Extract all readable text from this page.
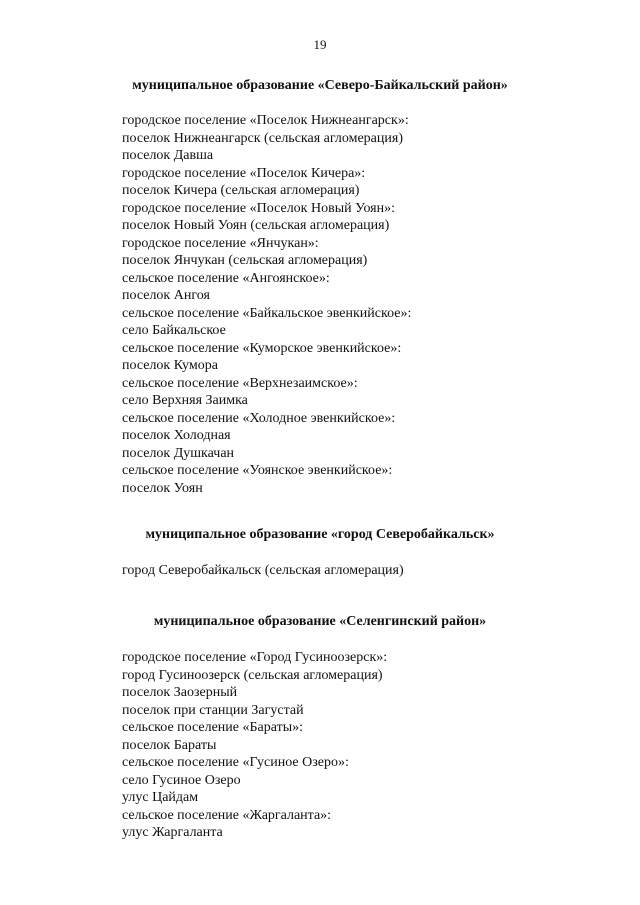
19
муниципальное образование «Северо-Байкальский район»
городское поселение «Поселок Нижнеангарск»:
поселок Нижнеангарск (сельская агломерация)
поселок Давша
городское поселение «Поселок Кичера»:
поселок Кичера (сельская агломерация)
городское поселение «Поселок Новый Уоян»:
поселок Новый Уоян (сельская агломерация)
городское поселение «Янчукан»:
поселок Янчукан (сельская агломерация)
сельское поселение «Ангоянское»:
поселок Ангоя
сельское поселение «Байкальское эвенкийское»:
село Байкальское
сельское поселение «Куморское эвенкийское»:
поселок Кумора
сельское поселение «Верхнезаимское»:
село Верхняя Заимка
сельское поселение «Холодное эвенкийское»:
поселок Холодная
поселок Душкачан
сельское поселение «Уоянское эвенкийское»:
поселок Уоян
муниципальное образование «город Северобайкальск»
город Северобайкальск (сельская агломерация)
муниципальное образование «Селенгинский район»
городское поселение «Город Гусиноозерск»:
город Гусиноозерск (сельская агломерация)
поселок Заозерный
поселок при станции Загустай
сельское поселение «Бараты»:
поселок Бараты
сельское поселение «Гусиное Озеро»:
село Гусиное Озеро
улус Цайдам
сельское поселение «Жаргаланта»:
улус Жаргаланта
